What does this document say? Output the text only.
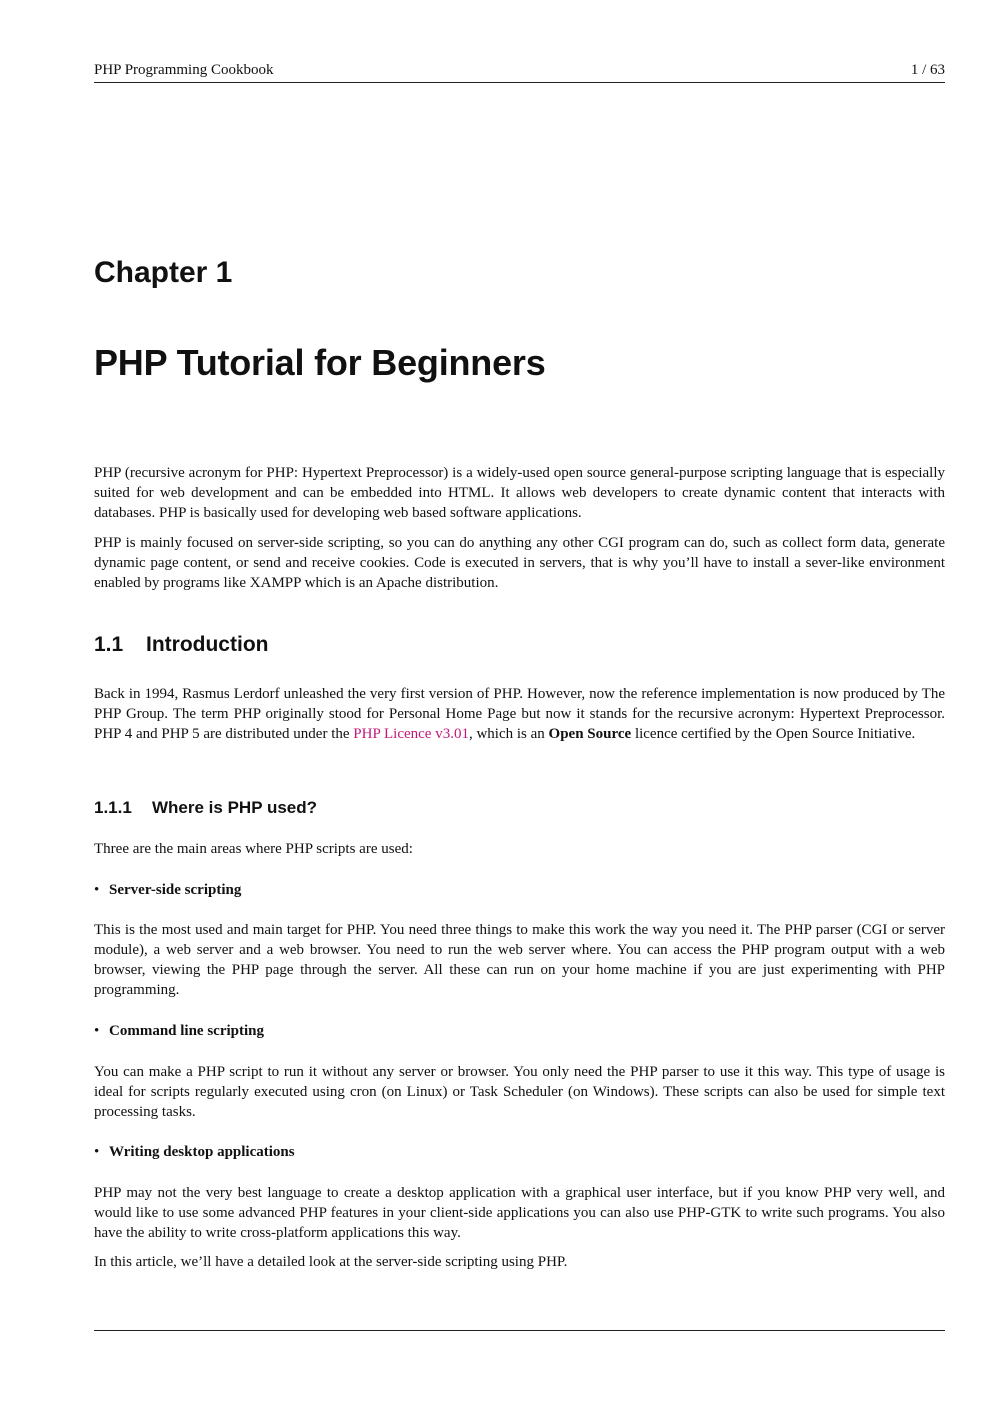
PHP Programming Cookbook	1 / 63
Chapter 1
PHP Tutorial for Beginners

PHP (recursive acronym for PHP: Hypertext Preprocessor) is a widely-used open source general-purpose scripting language that is especially suited for web development and can be embedded into HTML. It allows web developers to create dynamic content that interacts with databases. PHP is basically used for developing web based software applications.

PHP is mainly focused on server-side scripting, so you can do anything any other CGI program can do, such as collect form data, generate dynamic page content, or send and receive cookies. Code is executed in servers, that is why you’ll have to install a sever-like environment enabled by programs like XAMPP which is an Apache distribution.

1.1 Introduction

Back in 1994, Rasmus Lerdorf unleashed the very first version of PHP. However, now the reference implementation is now produced by The PHP Group. The term PHP originally stood for Personal Home Page but now it stands for the recursive acronym: Hypertext Preprocessor. PHP 4 and PHP 5 are distributed under the PHP Licence v3.01, which is an Open Source licence certified by the Open Source Initiative.

1.1.1 Where is PHP used?

Three are the main areas where PHP scripts are used:

• Server-side scripting

This is the most used and main target for PHP. You need three things to make this work the way you need it. The PHP parser (CGI or server module), a web server and a web browser. You need to run the web server where. You can access the PHP program output with a web browser, viewing the PHP page through the server. All these can run on your home machine if you are just experimenting with PHP programming.

• Command line scripting

You can make a PHP script to run it without any server or browser. You only need the PHP parser to use it this way. This type of usage is ideal for scripts regularly executed using cron (on Linux) or Task Scheduler (on Windows). These scripts can also be used for simple text processing tasks.

• Writing desktop applications

PHP may not the very best language to create a desktop application with a graphical user interface, but if you know PHP very well, and would like to use some advanced PHP features in your client-side applications you can also use PHP-GTK to write such programs. You also have the ability to write cross-platform applications this way.

In this article, we’ll have a detailed look at the server-side scripting using PHP.
